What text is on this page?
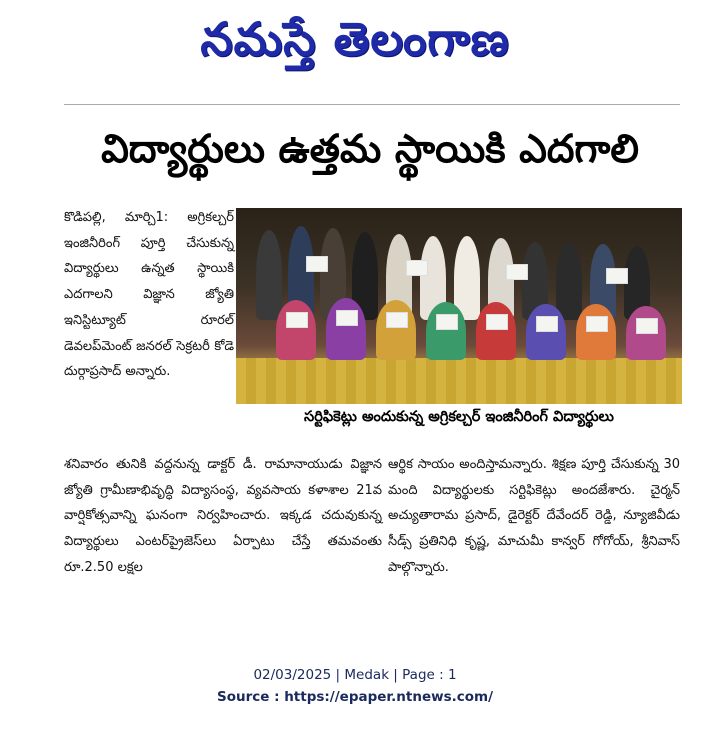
నమస్తే తెలంగాణ
విద్యార్థులు ఉత్తమ స్థాయికి ఎదగాలి
కొడిపల్లి, మార్చి1: అగ్రికల్చర్ ఇంజినీరింగ్ పూర్తి చేసుకున్న విద్యార్థులు ఉన్నత స్థాయికి ఎదగాలని విజ్ఞాన జ్యోతి ఇనిస్టిట్యూట్ రూరల్ డెవలప్‌మెంట్ జనరల్ సెక్రటరీ కోడె దుర్గాప్రసాద్ అన్నారు.
సర్టిఫికెట్లు అందుకున్న అగ్రికల్చర్ ఇంజినీరింగ్ విద్యార్థులు
శనివారం తునికి వద్దనున్న డాక్టర్ డీ. రామానాయుడు విజ్ఞాన జ్యోతి గ్రామీణాభివృద్ధి విద్యాసంస్థ, వ్యవసాయ కళాశాల 21వ వార్షికోత్సవాన్ని ఘనంగా నిర్వహించారు. ఇక్కడ చదువుకున్న విద్యార్థులు ఎంటర్‌ప్రైజెస్‌లు ఏర్పాటు చేస్తే తమవంతు రూ.2.50 లక్షల
ఆర్థిక సాయం అందిస్తామన్నారు. శిక్షణ పూర్తి చేసుకున్న 30 మంది విద్యార్థులకు సర్టిఫికెట్లు అందజేశారు. చైర్మన్ అచ్యుతారామ ప్రసాద్, డైరెక్టర్ దేవేందర్ రెడ్డి, న్యూజివీడు సీడ్స్ ప్రతినిధి కృష్ణ, మాచుమీ కాన్వర్ గోగోయ్, శ్రీనివాస్ పాల్గొన్నారు.
02/03/2025 | Medak | Page : 1
Source : https://epaper.ntnews.com/
